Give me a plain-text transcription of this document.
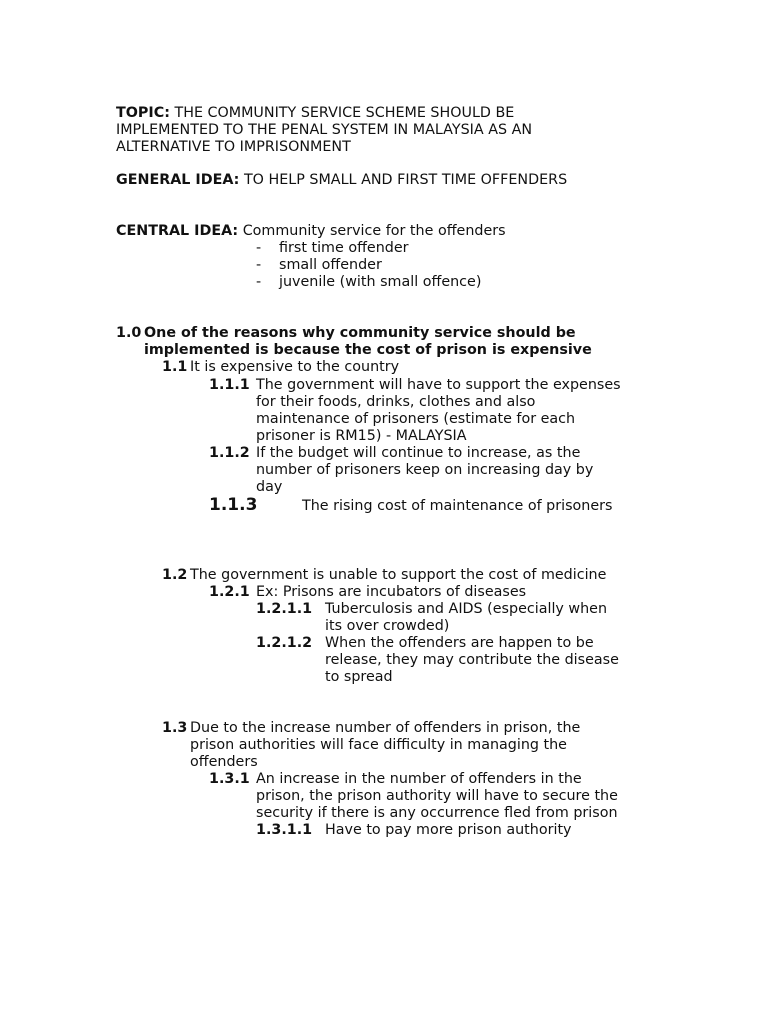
TOPIC: THE COMMUNITY SERVICE SCHEME SHOULD BE
IMPLEMENTED TO THE PENAL SYSTEM IN MALAYSIA AS AN
ALTERNATIVE TO IMPRISONMENT
GENERAL IDEA: TO HELP SMALL AND FIRST TIME OFFENDERS
CENTRAL IDEA: Community service for the offenders
- first time offender
- small offender
- juvenile (with small offence)
1.0 One of the reasons why community service should be
implemented is because the cost of prison is expensive
1.1 It is expensive to the country
1.1.1 The government will have to support the expenses
for their foods, drinks, clothes and also
maintenance of prisoners (estimate for each
prisoner is RM15) - MALAYSIA
1.1.2 If the budget will continue to increase, as the
number of prisoners keep on increasing day by
day
1.1.3	The rising cost of maintenance of prisoners
1.2 The government is unable to support the cost of medicine
1.2.1 Ex: Prisons are incubators of diseases
1.2.1.1 Tuberculosis and AIDS (especially when
its over crowded)
1.2.1.2 When the offenders are happen to be
release, they may contribute the disease
to spread
1.3 Due to the increase number of offenders in prison, the
prison authorities will face difficulty in managing the
offenders
1.3.1 An increase in the number of offenders in the
prison, the prison authority will have to secure the
security if there is any occurrence fled from prison
1.3.1.1 Have to pay more prison authority
